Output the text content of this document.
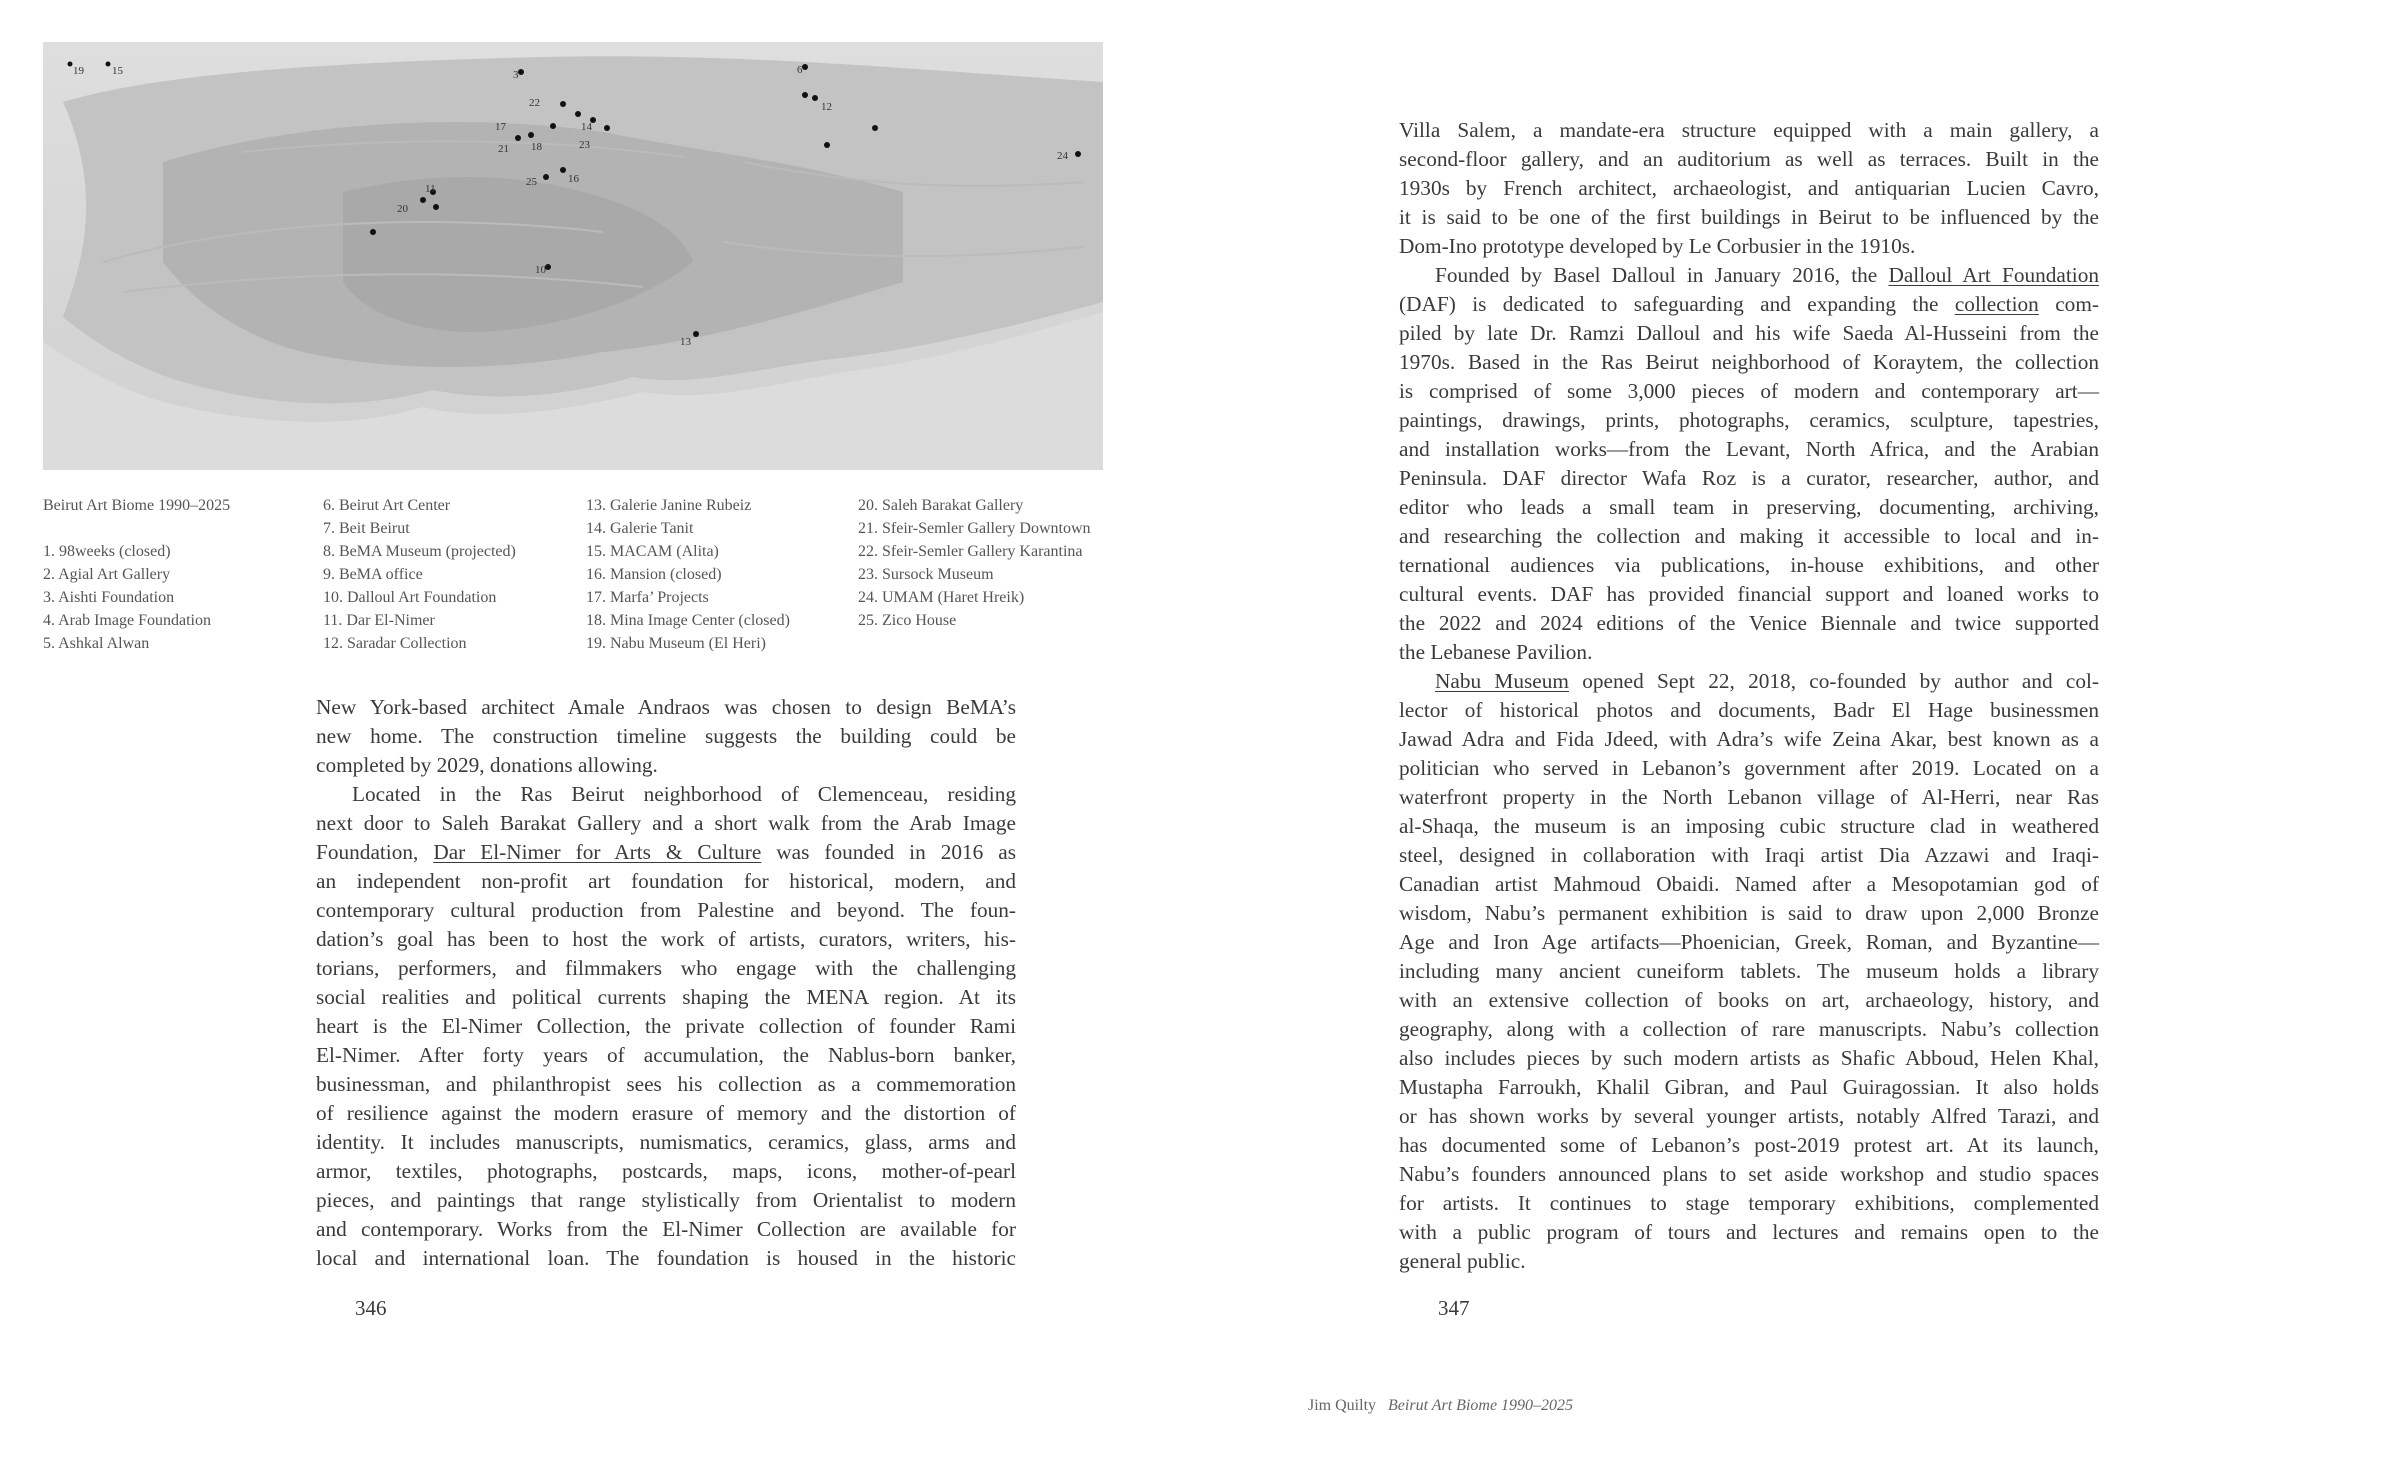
19	15	3	6
12
22
14
17
18
21	23
25	16
24
20
11
10
13
Beirut Art Biome 1990–2025
1. 98weeks (closed)
2. Agial Art Gallery
3. Aishti Foundation
4. Arab Image Foundation
5. Ashkal Alwan
6. Beirut Art Center
7. Beit Beirut
8. BeMA Museum (projected)
9. BeMA office
10. Dalloul Art Foundation
11. Dar El-Nimer
12. Saradar Collection
13. Galerie Janine Rubeiz
14. Galerie Tanit
15. MACAM (Alita)
16. Mansion (closed)
17. Marfa’ Projects
18. Mina Image Center (closed)
19. Nabu Museum (El Heri)
20. Saleh Barakat Gallery
21. Sfeir-Semler Gallery Downtown
22. Sfeir-Semler Gallery Karantina
23. Sursock Museum
24. UMAM (Haret Hreik)
25. Zico House

New York-based architect Amale Andraos was chosen to design BeMA’s

new home. The construction timeline suggests the building could be

completed by 2029, donations allowing.

Located in the Ras Beirut neighborhood of Clemenceau, residing

next door to Saleh Barakat Gallery and a short walk from the Arab Image

Foundation, Dar El-Nimer for Arts & Culture was founded in 2016 as

an independent non-profit art foundation for historical, modern, and

contemporary cultural production from Palestine and beyond. The foun-

dation’s goal has been to host the work of artists, curators, writers, his-

torians, performers, and filmmakers who engage with the challenging

social realities and political currents shaping the MENA region. At its

heart is the El-Nimer Collection, the private collection of founder Rami

El-Nimer. After forty years of accumulation, the Nablus-born banker,

businessman, and philanthropist sees his collection as a commemoration

of resilience against the modern erasure of memory and the distortion of

identity. It includes manuscripts, numismatics, ceramics, glass, arms and

armor, textiles, photographs, postcards, maps, icons, mother-of-pearl

pieces, and paintings that range stylistically from Orientalist to modern

and contemporary. Works from the El-Nimer Collection are available for

local and international loan. The foundation is housed in the historic

Villa Salem, a mandate-era structure equipped with a main gallery, a

second-floor gallery, and an auditorium as well as terraces. Built in the

1930s by French architect, archaeologist, and antiquarian Lucien Cavro,

it is said to be one of the first buildings in Beirut to be influenced by the

Dom-Ino prototype developed by Le Corbusier in the 1910s.

Founded by Basel Dalloul in January 2016, the Dalloul Art Foundation

(DAF) is dedicated to safeguarding and expanding the collection com-

piled by late Dr. Ramzi Dalloul and his wife Saeda Al-Husseini from the

1970s. Based in the Ras Beirut neighborhood of Koraytem, the collection

is comprised of some 3,000 pieces of modern and contemporary art—

paintings, drawings, prints, photographs, ceramics, sculpture, tapestries,

and installation works—from the Levant, North Africa, and the Arabian

Peninsula. DAF director Wafa Roz is a curator, researcher, author, and

editor who leads a small team in preserving, documenting, archiving,

and researching the collection and making it accessible to local and in-

ternational audiences via publications, in-house exhibitions, and other

cultural events. DAF has provided financial support and loaned works to

the 2022 and 2024 editions of the Venice Biennale and twice supported

the Lebanese Pavilion.

Nabu Museum opened Sept 22, 2018, co-founded by author and col-

lector of historical photos and documents, Badr El Hage businessmen

Jawad Adra and Fida Jdeed, with Adra’s wife Zeina Akar, best known as a

politician who served in Lebanon’s government after 2019. Located on a

waterfront property in the North Lebanon village of Al-Herri, near Ras

al-Shaqa, the museum is an imposing cubic structure clad in weathered

steel, designed in collaboration with Iraqi artist Dia Azzawi and Iraqi-

Canadian artist Mahmoud Obaidi. Named after a Mesopotamian god of

wisdom, Nabu’s permanent exhibition is said to draw upon 2,000 Bronze

Age and Iron Age artifacts—Phoenician, Greek, Roman, and Byzantine—

including many ancient cuneiform tablets. The museum holds a library

with an extensive collection of books on art, archaeology, history, and

geography, along with a collection of rare manuscripts. Nabu’s collection

also includes pieces by such modern artists as Shafic Abboud, Helen Khal,

Mustapha Farroukh, Khalil Gibran, and Paul Guiragossian. It also holds

or has shown works by several younger artists, notably Alfred Tarazi, and

has documented some of Lebanon’s post-2019 protest art. At its launch,

Nabu’s founders announced plans to set aside workshop and studio spaces

for artists. It continues to stage temporary exhibitions, complemented

with a public program of tours and lectures and remains open to the

general public.

346	347
Jim Quilty Beirut Art Biome 1990–2025
